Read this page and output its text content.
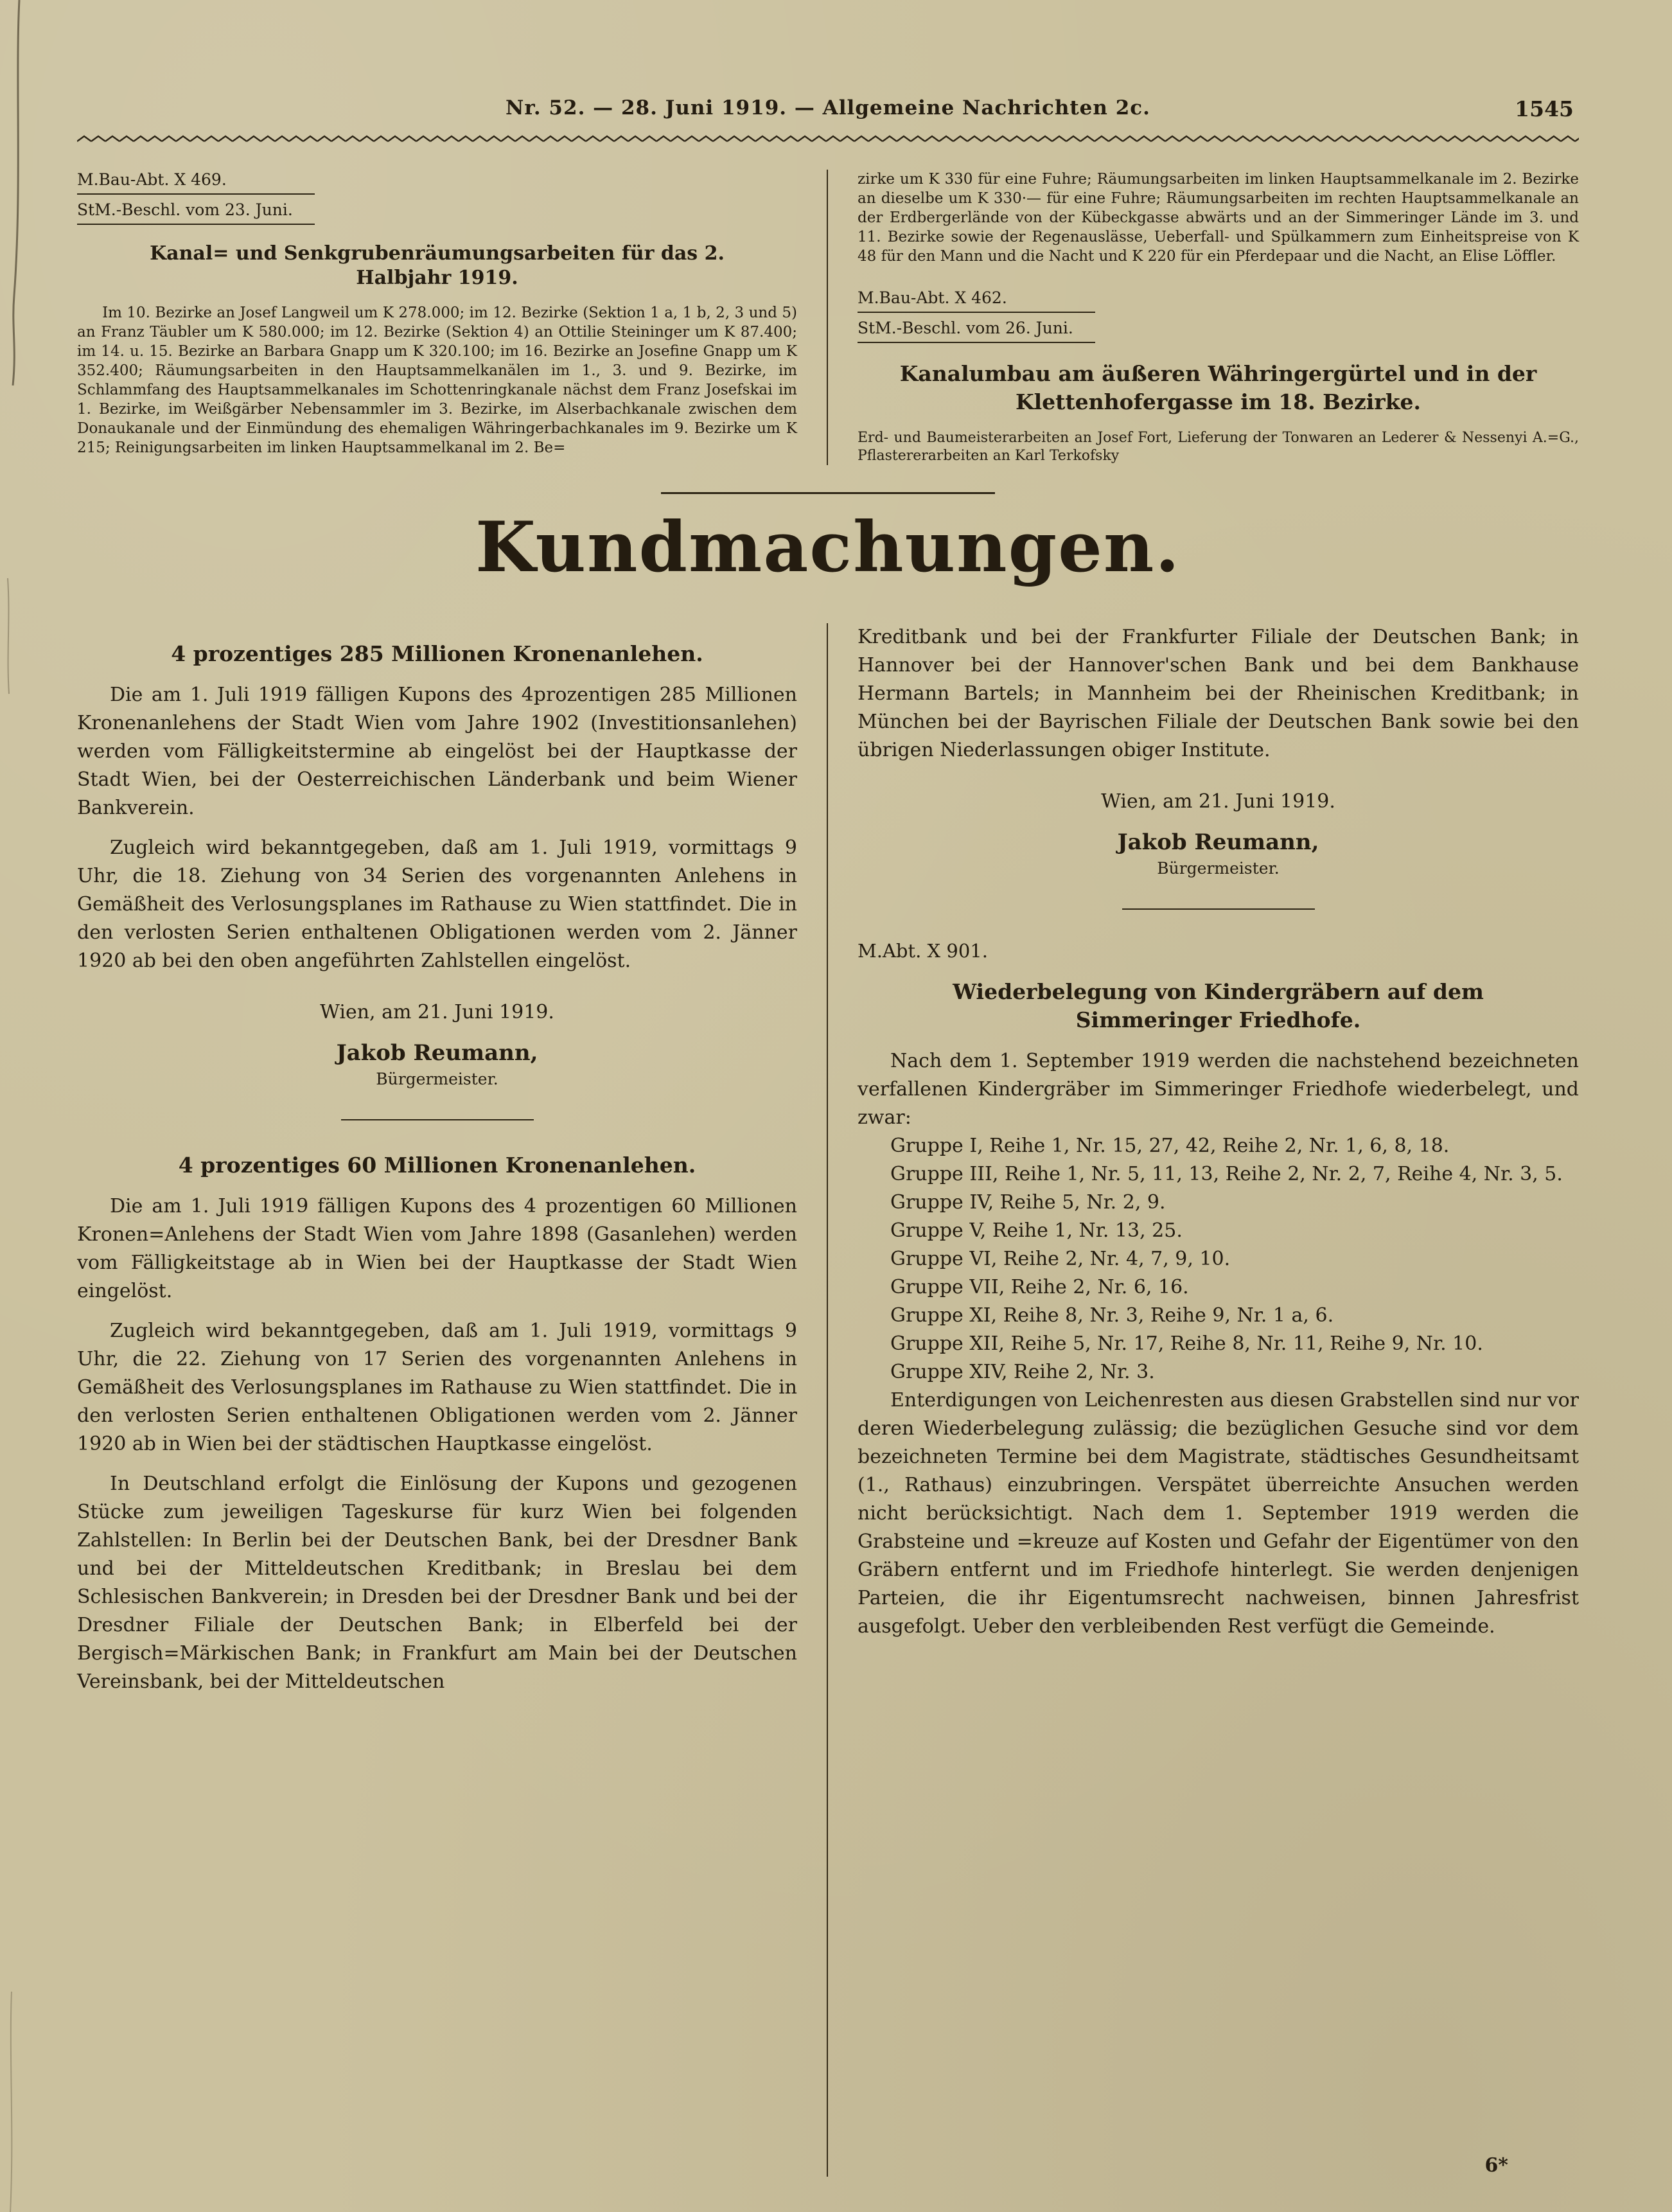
Nr. 52. — 28. Juni 1919. — Allgemeine Nachrichten 2c.	1545
M.Bau-Abt. X 469.
StM.-Beschl. vom 23. Juni.
Kanal= und Senkgrubenräumungsarbeiten für das 2. Halbjahr 1919.

Im 10. Bezirke an Josef Langweil um K 278.000; im 12. Bezirke (Sektion 1 a, 1 b, 2, 3 und 5) an Franz Täubler um K 580.000; im 12. Bezirke (Sektion 4) an Ottilie Steininger um K 87.400; im 14. u. 15. Bezirke an Barbara Gnapp um K 320.100; im 16. Bezirke an Josefine Gnapp um K 352.400; Räumungsarbeiten in den Hauptsammelkanälen im 1., 3. und 9. Bezirke, im Schlammfang des Hauptsammelkanales im Schottenringkanale nächst dem Franz Josefskai im 1. Bezirke, im Weißgärber Nebensammler im 3. Bezirke, im Alserbachkanale zwischen dem Donaukanale und der Einmündung des ehemaligen Währingerbachkanales im 9. Bezirke um K 215; Reinigungsarbeiten im linken Hauptsammelkanal im 2. Be=

zirke um K 330 für eine Fuhre; Räumungsarbeiten im linken Hauptsammelkanale im 2. Bezirke an dieselbe um K 330·— für eine Fuhre; Räumungsarbeiten im rechten Hauptsammelkanale an der Erdbergerlände von der Kübeckgasse abwärts und an der Simmeringer Lände im 3. und 11. Bezirke sowie der Regenauslässe, Ueberfall- und Spülkammern zum Einheitspreise von K 48 für den Mann und die Nacht und K 220 für ein Pferdepaar und die Nacht, an Elise Löffler.

M.Bau-Abt. X 462.
StM.-Beschl. vom 26. Juni.
Kanalumbau am äußeren Währingergürtel und in der Klettenhofergasse im 18. Bezirke.

Erd- und Baumeisterarbeiten an Josef Fort, Lieferung der Tonwaren an Lederer & Nessenyi A.=G., Pflastererarbeiten an Karl Terkofsky

Kundmachungen.
4 prozentiges 285 Millionen Kronenanlehen.

Die am 1. Juli 1919 fälligen Kupons des 4prozentigen 285 Millionen Kronenanlehens der Stadt Wien vom Jahre 1902 (Investitionsanlehen) werden vom Fälligkeitstermine ab eingelöst bei der Hauptkasse der Stadt Wien, bei der Oesterreichischen Länderbank und beim Wiener Bankverein.

Zugleich wird bekanntgegeben, daß am 1. Juli 1919, vormittags 9 Uhr, die 18. Ziehung von 34 Serien des vorgenannten Anlehens in Gemäßheit des Verlosungsplanes im Rathause zu Wien stattfindet. Die in den verlosten Serien enthaltenen Obligationen werden vom 2. Jänner 1920 ab bei den oben angeführten Zahlstellen eingelöst.

Wien, am 21. Juni 1919.
Jakob Reumann,
Bürgermeister.
4 prozentiges 60 Millionen Kronenanlehen.

Die am 1. Juli 1919 fälligen Kupons des 4 prozentigen 60 Millionen Kronen=Anlehens der Stadt Wien vom Jahre 1898 (Gasanlehen) werden vom Fälligkeitstage ab in Wien bei der Hauptkasse der Stadt Wien eingelöst.

Zugleich wird bekanntgegeben, daß am 1. Juli 1919, vormittags 9 Uhr, die 22. Ziehung von 17 Serien des vorgenannten Anlehens in Gemäßheit des Verlosungsplanes im Rathause zu Wien stattfindet. Die in den verlosten Serien enthaltenen Obligationen werden vom 2. Jänner 1920 ab in Wien bei der städtischen Hauptkasse eingelöst.

In Deutschland erfolgt die Einlösung der Kupons und gezogenen Stücke zum jeweiligen Tageskurse für kurz Wien bei folgenden Zahlstellen: In Berlin bei der Deutschen Bank, bei der Dresdner Bank und bei der Mitteldeutschen Kreditbank; in Breslau bei dem Schlesischen Bankverein; in Dresden bei der Dresdner Bank und bei der Dresdner Filiale der Deutschen Bank; in Elberfeld bei der Bergisch=Märkischen Bank; in Frankfurt am Main bei der Deutschen Vereinsbank, bei der Mitteldeutschen

Kreditbank und bei der Frankfurter Filiale der Deutschen Bank; in Hannover bei der Hannover'schen Bank und bei dem Bankhause Hermann Bartels; in Mannheim bei der Rheinischen Kreditbank; in München bei der Bayrischen Filiale der Deutschen Bank sowie bei den übrigen Niederlassungen obiger Institute.

Wien, am 21. Juni 1919.
Jakob Reumann,
Bürgermeister.
M.Abt. X 901.
Wiederbelegung von Kindergräbern auf dem Simmeringer Friedhofe.

Nach dem 1. September 1919 werden die nachstehend bezeichneten verfallenen Kindergräber im Simmeringer Friedhofe wiederbelegt, und zwar:

Gruppe I, Reihe 1, Nr. 15, 27, 42, Reihe 2, Nr. 1, 6, 8, 18.

Gruppe III, Reihe 1, Nr. 5, 11, 13, Reihe 2, Nr. 2, 7, Reihe 4, Nr. 3, 5.

Gruppe IV, Reihe 5, Nr. 2, 9.

Gruppe V, Reihe 1, Nr. 13, 25.

Gruppe VI, Reihe 2, Nr. 4, 7, 9, 10.

Gruppe VII, Reihe 2, Nr. 6, 16.

Gruppe XI, Reihe 8, Nr. 3, Reihe 9, Nr. 1 a, 6.

Gruppe XII, Reihe 5, Nr. 17, Reihe 8, Nr. 11, Reihe 9, Nr. 10.

Gruppe XIV, Reihe 2, Nr. 3.

Enterdigungen von Leichenresten aus diesen Grabstellen sind nur vor deren Wiederbelegung zulässig; die bezüglichen Gesuche sind vor dem bezeichneten Termine bei dem Magistrate, städtisches Gesundheitsamt (1., Rathaus) einzubringen. Verspätet überreichte Ansuchen werden nicht berücksichtigt. Nach dem 1. September 1919 werden die Grabsteine und =kreuze auf Kosten und Gefahr der Eigentümer von den Gräbern entfernt und im Friedhofe hinterlegt. Sie werden denjenigen Parteien, die ihr Eigentumsrecht nachweisen, binnen Jahresfrist ausgefolgt. Ueber den verbleibenden Rest verfügt die Gemeinde.

6*
